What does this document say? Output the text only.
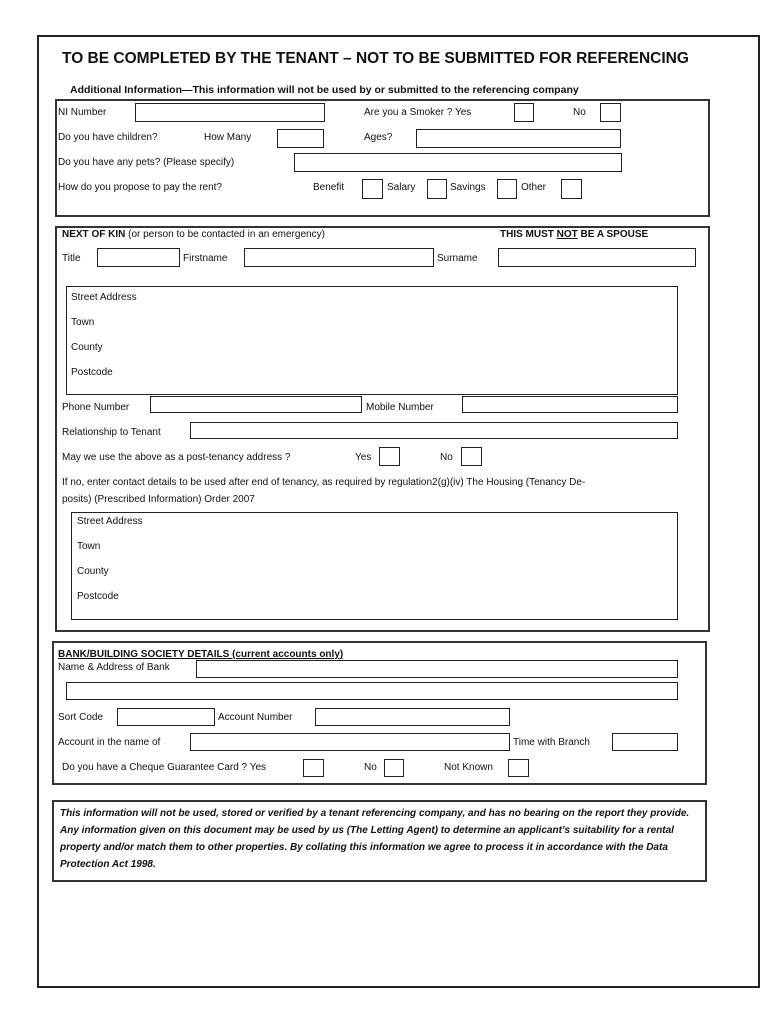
TO BE COMPLETED BY THE TENANT – NOT TO BE SUBMITTED FOR REFERENCING
Additional Information—This information will not be used by or submitted to the referencing company
NI Number	Are you a Smoker ? Yes	No
Do you have children?	How Many	Ages?
Do you have any pets? (Please specify)
How do you propose to pay the rent?	Benefit	Salary	Savings	Other
NEXT OF KIN (or person to be contacted in an emergency)	THIS MUST NOT BE A SPOUSE
Title	Firstname	Surname
Street Address
Town
County
Postcode
Phone Number	Mobile Number
Relationship to Tenant
May we use the above as a post-tenancy address ?	Yes	No
If no, enter contact details to be used after end of tenancy, as required by regulation2(g)(iv) The Housing (Tenancy De-
posits) (Prescribed Information) Order 2007
Street Address
Town
County
Postcode
BANK/BUILDING SOCIETY DETAILS (current accounts only)
Name & Address of Bank
Sort Code	Account Number
Account in the name of	Time with Branch
Do you have a Cheque Guarantee Card ? Yes	No	Not Known
This information will not be used, stored or verified by a tenant referencing company, and has no bearing on the report they provide. Any information given on this document may be used by us (The Letting Agent) to determine an applicant’s suitability for a rental property and/or match them to other properties. By collating this information we agree to process it in accordance with the Data Protection Act 1998.
